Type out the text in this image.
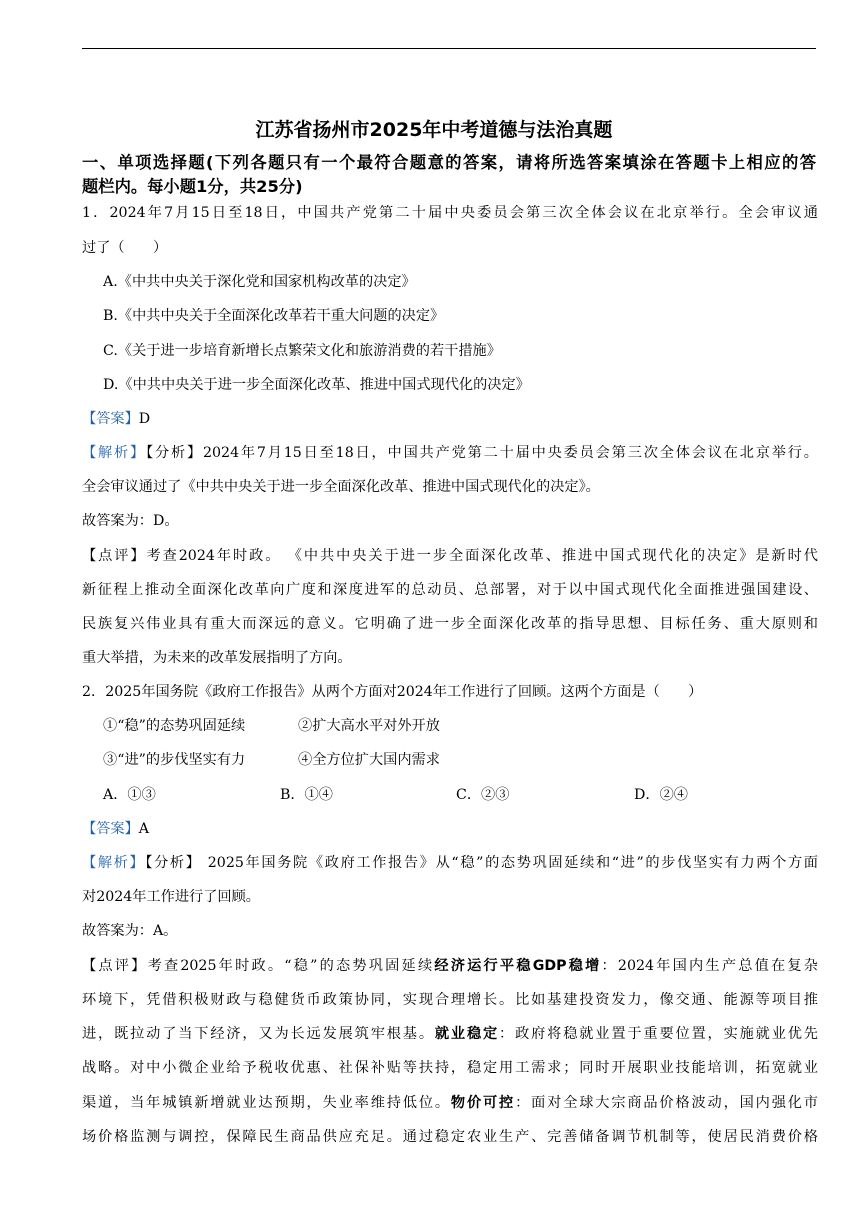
江苏省扬州市2025年中考道德与法治真题
一、单项选择题(下列各题只有一个最符合题意的答案，请将所选答案填涂在答题卡上相应的答
题栏内。每小题1分，共25分)
1．2024年7月15日至18日，中国共产党第二十届中央委员会第三次全体会议在北京举行。全会审议通
过了（　　）
A.《中共中央关于深化党和国家机构改革的决定》
B.《中共中央关于全面深化改革若干重大问题的决定》
C.《关于进一步培育新增长点繁荣文化和旅游消费的若干措施》
D.《中共中央关于进一步全面深化改革、推进中国式现代化的决定》
【答案】D
【解析】【分析】2024年7月15日至18日，中国共产党第二十届中央委员会第三次全体会议在北京举行。
全会审议通过了《中共中央关于进一步全面深化改革、推进中国式现代化的决定》。
故答案为：D。
【点评】考查2024年时政。 《中共中央关于进一步全面深化改革、推进中国式现代化的决定》是新时代
新征程上推动全面深化改革向广度和深度进军的总动员、总部署，对于以中国式现代化全面推进强国建设、
民族复兴伟业具有重大而深远的意义。它明确了进一步全面深化改革的指导思想、目标任务、重大原则和
重大举措，为未来的改革发展指明了方向。
2．2025年国务院《政府工作报告》从两个方面对2024年工作进行了回顾。这两个方面是（　　）
①“稳”的态势巩固延续	②扩大高水平对外开放
③“进”的步伐坚实有力	④全方位扩大国内需求
A．①③	B．①④	C．②③	D．②④
【答案】A
【解析】【分析】 2025年国务院《政府工作报告》从“稳”的态势巩固延续和“进”的步伐坚实有力两个方面
对2024年工作进行了回顾。
故答案为：A。
【点评】考查2025年时政。“稳”的态势巩固延续经济运行平稳GDP稳增：2024年国内生产总值在复杂
环境下，凭借积极财政与稳健货币政策协同，实现合理增长。比如基建投资发力，像交通、能源等项目推
进，既拉动了当下经济，又为长远发展筑牢根基。就业稳定：政府将稳就业置于重要位置，实施就业优先
战略。对中小微企业给予税收优惠、社保补贴等扶持，稳定用工需求；同时开展职业技能培训，拓宽就业
渠道，当年城镇新增就业达预期，失业率维持低位。物价可控：面对全球大宗商品价格波动，国内强化市
场价格监测与调控，保障民生商品供应充足。通过稳定农业生产、完善储备调节机制等，使居民消费价格
